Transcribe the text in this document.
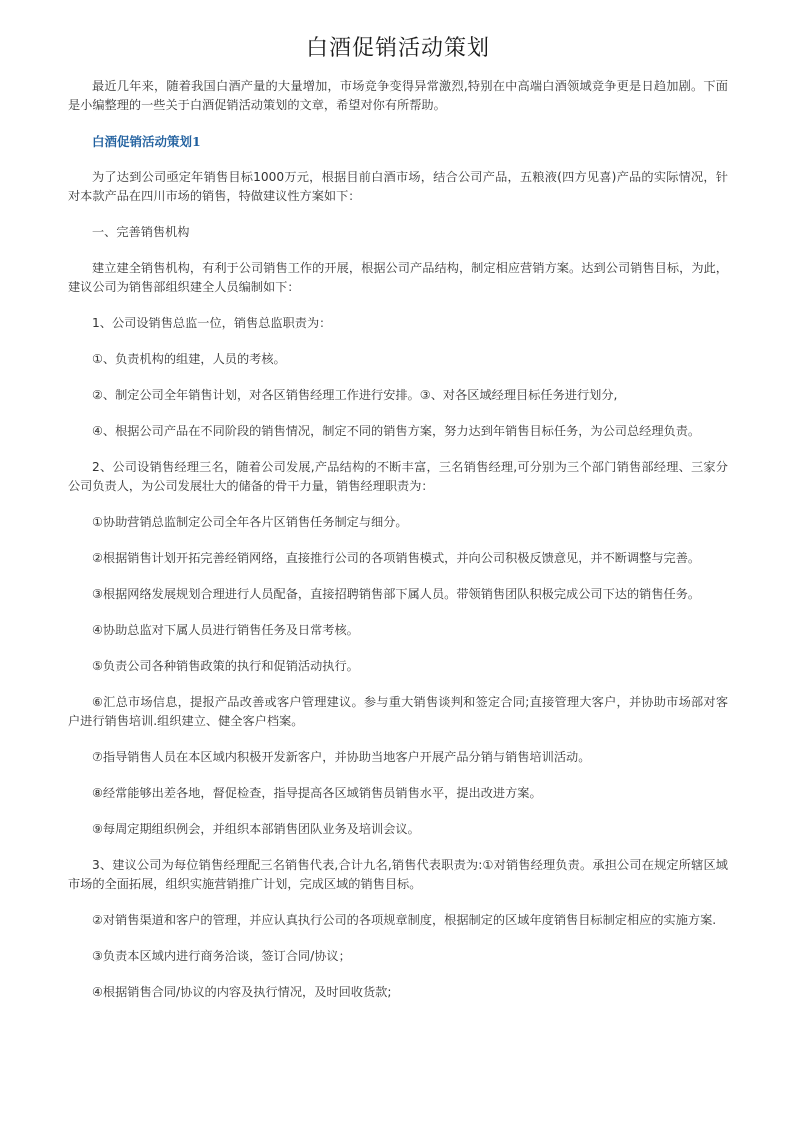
白酒促销活动策划

最近几年来，随着我国白酒产量的大量增加，市场竞争变得异常激烈,特别在中高端白酒领域竞争更是日趋加剧。下面是小编整理的一些关于白酒促销活动策划的文章，希望对你有所帮助。

白酒促销活动策划1

为了达到公司亟定年销售目标1000万元，根据目前白酒市场，结合公司产品，五粮液(四方见喜)产品的实际情况，针对本款产品在四川市场的销售，特做建议性方案如下：

一、完善销售机构

建立建全销售机构，有利于公司销售工作的开展，根据公司产品结构，制定相应营销方案。达到公司销售目标，为此，建议公司为销售部组织建全人员编制如下：

1、公司设销售总监一位，销售总监职责为：

①、负责机构的组建，人员的考核。

②、制定公司全年销售计划，对各区销售经理工作进行安排。③、对各区域经理目标任务进行划分,

④、根据公司产品在不同阶段的销售情况，制定不同的销售方案，努力达到年销售目标任务，为公司总经理负责。

2、公司设销售经理三名，随着公司发展,产品结构的不断丰富，三名销售经理,可分别为三个部门销售部经理、三家分公司负责人，为公司发展壮大的储备的骨干力量，销售经理职责为：

①协助营销总监制定公司全年各片区销售任务制定与细分。

②根据销售计划开拓完善经销网络，直接推行公司的各项销售模式，并向公司积极反馈意见，并不断调整与完善。

③根据网络发展规划合理进行人员配备，直接招聘销售部下属人员。带领销售团队积极完成公司下达的销售任务。

④协助总监对下属人员进行销售任务及日常考核。

⑤负责公司各种销售政策的执行和促销活动执行。

⑥汇总市场信息，提报产品改善或客户管理建议。参与重大销售谈判和签定合同;直接管理大客户，并协助市场部对客户进行销售培训.组织建立、健全客户档案。

⑦指导销售人员在本区域内积极开发新客户，并协助当地客户开展产品分销与销售培训活动。

⑧经常能够出差各地，督促检查，指导提高各区域销售员销售水平，提出改进方案。

⑨每周定期组织例会，并组织本部销售团队业务及培训会议。

3、建议公司为每位销售经理配三名销售代表,合计九名,销售代表职责为:①对销售经理负责。承担公司在规定所辖区域市场的全面拓展，组织实施营销推广计划，完成区域的销售目标。

②对销售渠道和客户的管理，并应认真执行公司的各项规章制度，根据制定的区域年度销售目标制定相应的实施方案.

③负责本区域内进行商务洽谈，签订合同/协议；

④根据销售合同/协议的内容及执行情况，及时回收货款;
